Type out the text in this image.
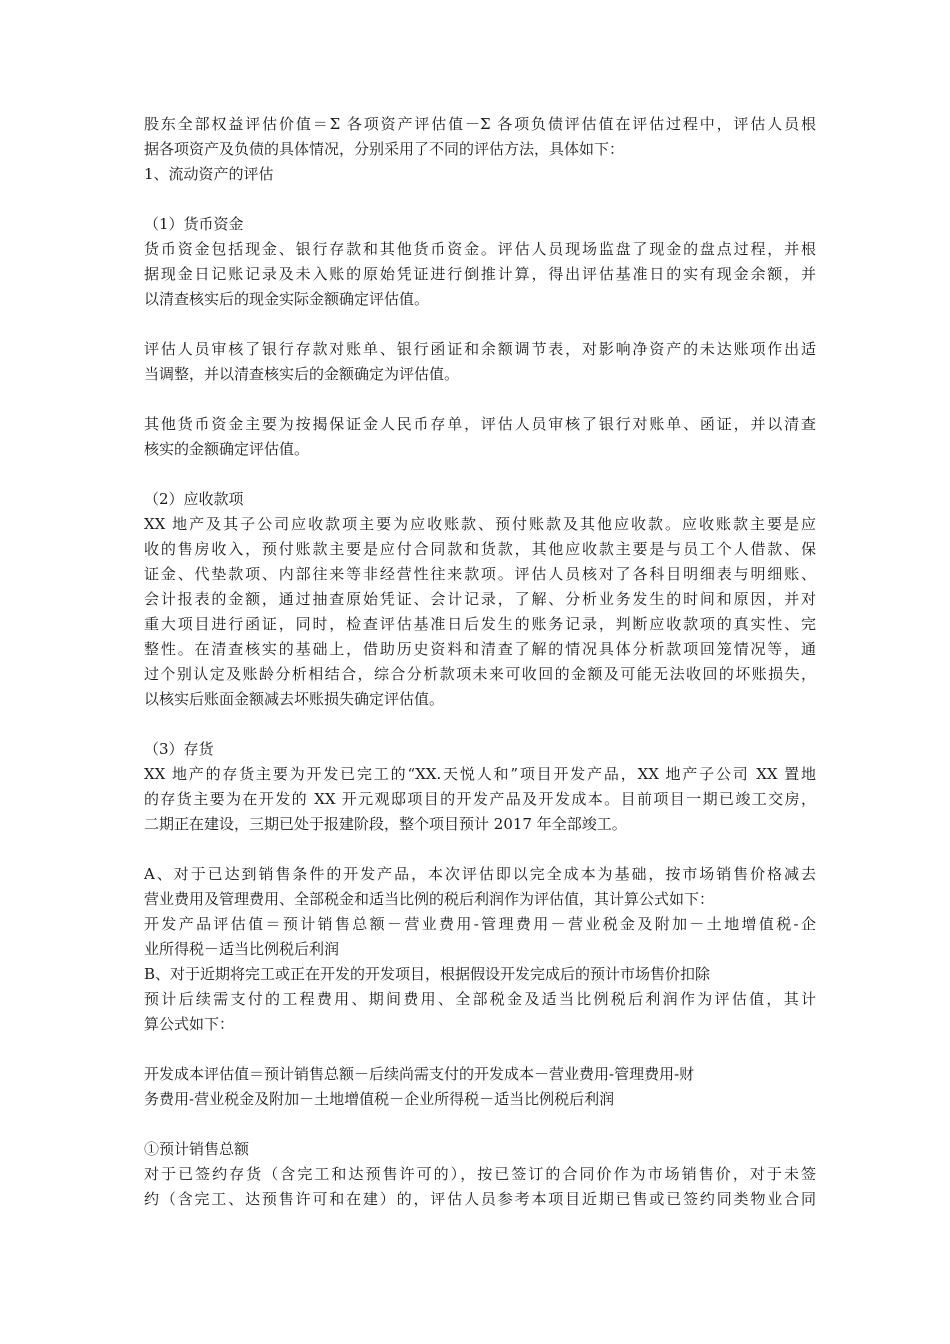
股东全部权益评估价值＝Σ 各项资产评估值－Σ 各项负债评估值在评估过程中，评估人员根
据各项资产及负债的具体情况，分别采用了不同的评估方法，具体如下：
1、流动资产的评估
（1）货币资金
货币资金包括现金、银行存款和其他货币资金。评估人员现场监盘了现金的盘点过程，并根
据现金日记账记录及未入账的原始凭证进行倒推计算，得出评估基准日的实有现金余额，并
以清查核实后的现金实际金额确定评估值。
评估人员审核了银行存款对账单、银行函证和余额调节表，对影响净资产的未达账项作出适
当调整，并以清查核实后的金额确定为评估值。
其他货币资金主要为按揭保证金人民币存单，评估人员审核了银行对账单、函证，并以清查
核实的金额确定评估值。
（2）应收款项
XX 地产及其子公司应收款项主要为应收账款、预付账款及其他应收款。应收账款主要是应
收的售房收入，预付账款主要是应付合同款和货款，其他应收款主要是与员工个人借款、保
证金、代垫款项、内部往来等非经营性往来款项。评估人员核对了各科目明细表与明细账、
会计报表的金额，通过抽查原始凭证、会计记录，了解、分析业务发生的时间和原因，并对
重大项目进行函证，同时，检查评估基准日后发生的账务记录，判断应收款项的真实性、完
整性。在清查核实的基础上，借助历史资料和清查了解的情况具体分析款项回笼情况等，通
过个别认定及账龄分析相结合，综合分析款项未来可收回的金额及可能无法收回的坏账损失，
以核实后账面金额减去坏账损失确定评估值。
（3）存货
XX 地产的存货主要为开发已完工的“XX.天悦人和”项目开发产品，XX 地产子公司 XX 置地
的存货主要为在开发的 XX 开元观邸项目的开发产品及开发成本。目前项目一期已竣工交房，
二期正在建设，三期已处于报建阶段，整个项目预计 2017 年全部竣工。
A、对于已达到销售条件的开发产品，本次评估即以完全成本为基础，按市场销售价格减去
营业费用及管理费用、全部税金和适当比例的税后利润作为评估值，其计算公式如下：
开发产品评估值＝预计销售总额－营业费用-管理费用－营业税金及附加－土地增值税-企
业所得税－适当比例税后利润
B、对于近期将完工或正在开发的开发项目，根据假设开发完成后的预计市场售价扣除
预计后续需支付的工程费用、期间费用、全部税金及适当比例税后利润作为评估值，其计
算公式如下：
开发成本评估值＝预计销售总额－后续尚需支付的开发成本－营业费用-管理费用-财
务费用-营业税金及附加－土地增值税－企业所得税－适当比例税后利润
①预计销售总额
对于已签约存货（含完工和达预售许可的），按已签订的合同价作为市场销售价，对于未签
约（含完工、达预售许可和在建）的，评估人员参考本项目近期已售或已签约同类物业合同
